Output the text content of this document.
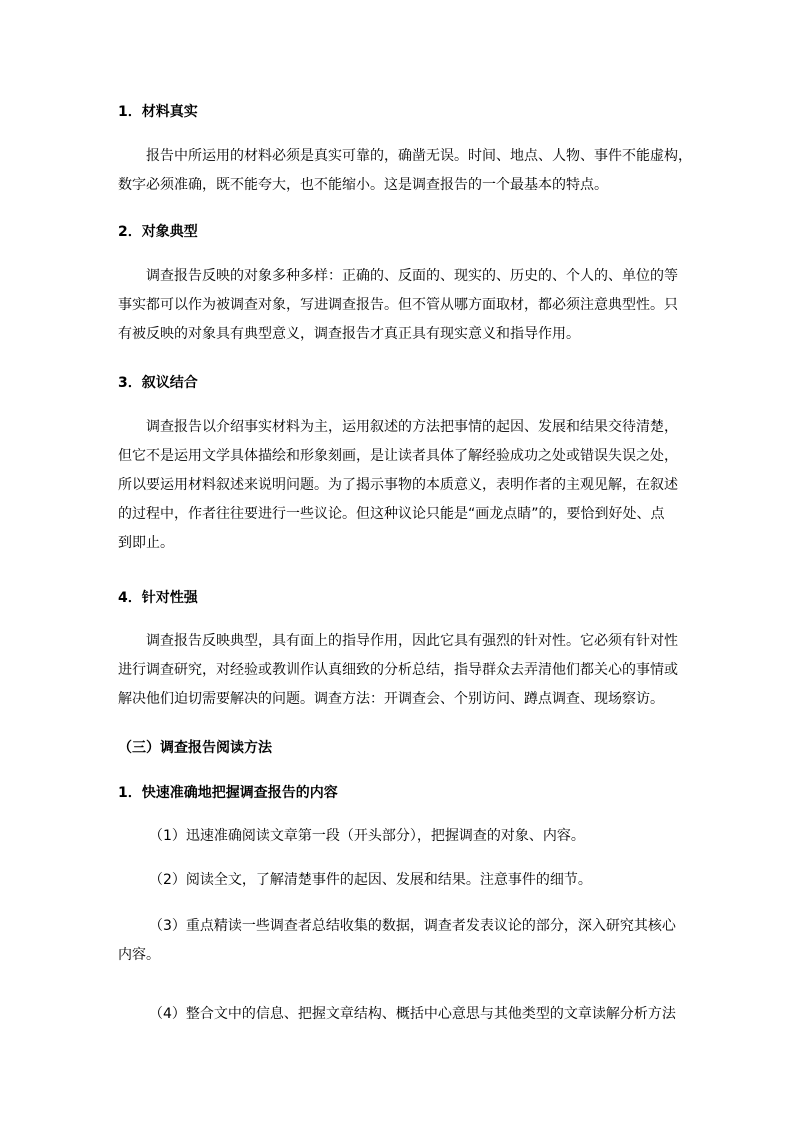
1．材料真实
报告中所运用的材料必须是真实可靠的，确凿无误。时间、地点、人物、事件不能虚构，
数字必须准确，既不能夸大，也不能缩小。这是调查报告的一个最基本的特点。
2．对象典型
调查报告反映的对象多种多样：正确的、反面的、现实的、历史的、个人的、单位的等
事实都可以作为被调查对象，写进调查报告。但不管从哪方面取材，都必须注意典型性。只
有被反映的对象具有典型意义，调查报告才真正具有现实意义和指导作用。
3．叙议结合
调查报告以介绍事实材料为主，运用叙述的方法把事情的起因、发展和结果交待清楚，
但它不是运用文学具体描绘和形象刻画，是让读者具体了解经验成功之处或错误失误之处，
所以要运用材料叙述来说明问题。为了揭示事物的本质意义，表明作者的主观见解，在叙述
的过程中，作者往往要进行一些议论。但这种议论只能是“画龙点睛”的，要恰到好处、点
到即止。
4．针对性强
调查报告反映典型，具有面上的指导作用，因此它具有强烈的针对性。它必须有针对性
进行调查研究，对经验或教训作认真细致的分析总结，指导群众去弄清他们都关心的事情或
解决他们迫切需要解决的问题。调查方法：开调查会、个别访问、蹲点调查、现场察访。
（三）调查报告阅读方法
1．快速准确地把握调查报告的内容
（1）迅速准确阅读文章第一段（开头部分），把握调查的对象、内容。
（2）阅读全文，了解清楚事件的起因、发展和结果。注意事件的细节。
（3）重点精读一些调查者总结收集的数据，调查者发表议论的部分，深入研究其核心
内容。
（4）整合文中的信息、把握文章结构、概括中心意思与其他类型的文章读解分析方法
